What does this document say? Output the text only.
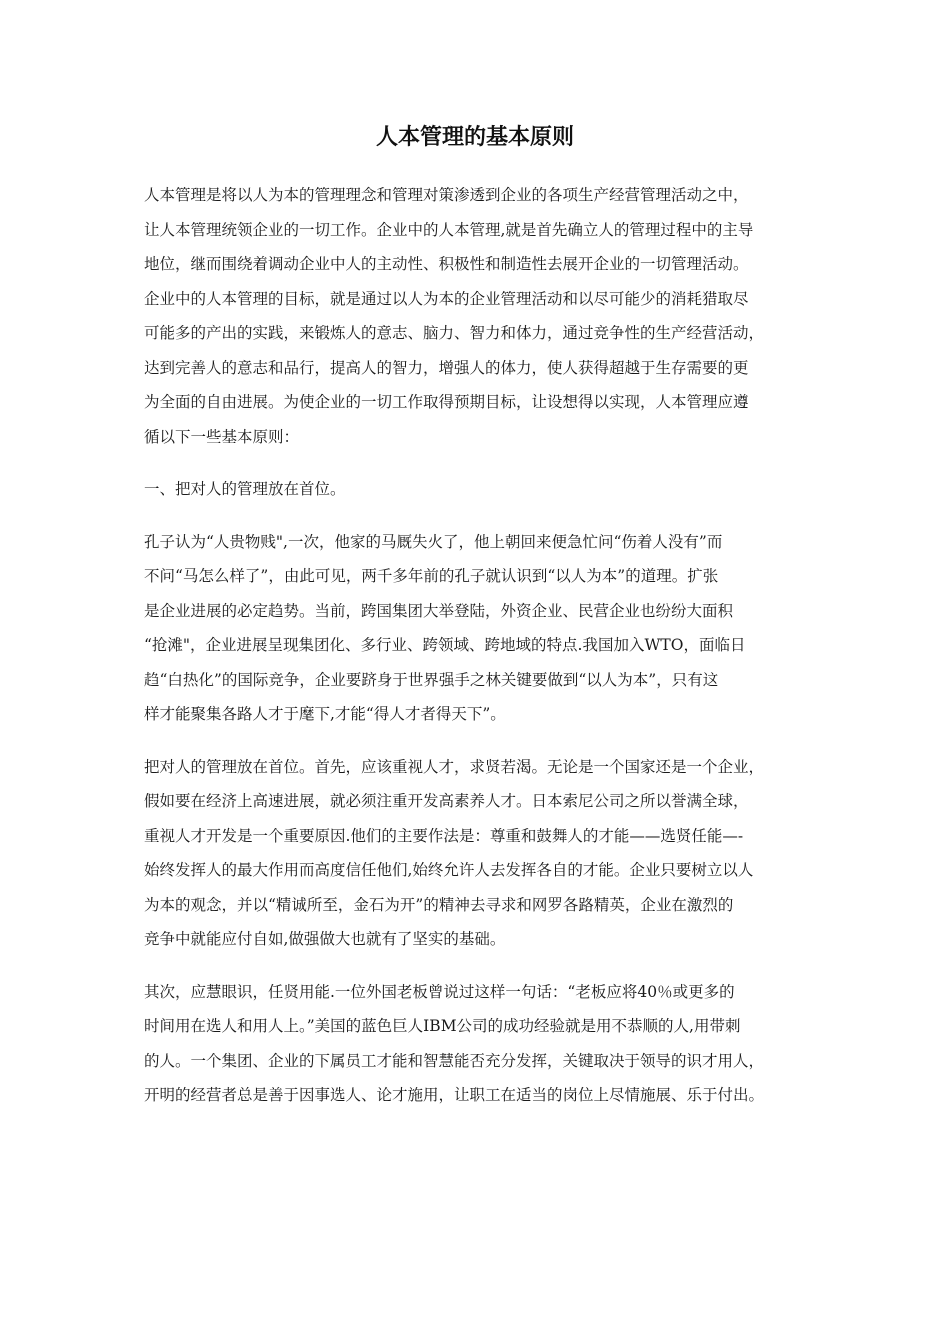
人本管理的基本原则

人本管理是将以人为本的管理理念和管理对策渗透到企业的各项生产经营管理活动之中，
让人本管理统领企业的一切工作。企业中的人本管理,就是首先确立人的管理过程中的主导
地位，继而围绕着调动企业中人的主动性、积极性和制造性去展开企业的一切管理活动。
企业中的人本管理的目标，就是通过以人为本的企业管理活动和以尽可能少的消耗猎取尽
可能多的产出的实践，来锻炼人的意志、脑力、智力和体力，通过竞争性的生产经营活动，
达到完善人的意志和品行，提高人的智力，增强人的体力，使人获得超越于生存需要的更
为全面的自由进展。为使企业的一切工作取得预期目标，让设想得以实现，人本管理应遵
循以下一些基本原则：

一、把对人的管理放在首位。

孔子认为“人贵物贱",一次，他家的马厩失火了，他上朝回来便急忙问“伤着人没有”而
不问“马怎么样了”，由此可见，两千多年前的孔子就认识到“以人为本”的道理。扩张
是企业进展的必定趋势。当前，跨国集团大举登陆，外资企业、民营企业也纷纷大面积
“抢滩"，企业进展呈现集团化、多行业、跨领域、跨地域的特点.我国加入WTO，面临日
趋“白热化”的国际竞争，企业要跻身于世界强手之林关键要做到“以人为本”，只有这
样才能聚集各路人才于麾下,才能“得人才者得天下”。

把对人的管理放在首位。首先，应该重视人才，求贤若渴。无论是一个国家还是一个企业，
假如要在经济上高速进展，就必须注重开发高素养人才。日本索尼公司之所以誉满全球，
重视人才开发是一个重要原因.他们的主要作法是：尊重和鼓舞人的才能——选贤任能—-
始终发挥人的最大作用而高度信任他们,始终允许人去发挥各自的才能。企业只要树立以人
为本的观念，并以“精诚所至，金石为开”的精神去寻求和网罗各路精英，企业在激烈的
竞争中就能应付自如,做强做大也就有了坚实的基础。

其次，应慧眼识，任贤用能.一位外国老板曾说过这样一句话：“老板应将40％或更多的
时间用在选人和用人上。”美国的蓝色巨人IBM公司的成功经验就是用不恭顺的人,用带刺
的人。一个集团、企业的下属员工才能和智慧能否充分发挥，关键取决于领导的识才用人，
开明的经营者总是善于因事选人、论才施用，让职工在适当的岗位上尽情施展、乐于付出。
